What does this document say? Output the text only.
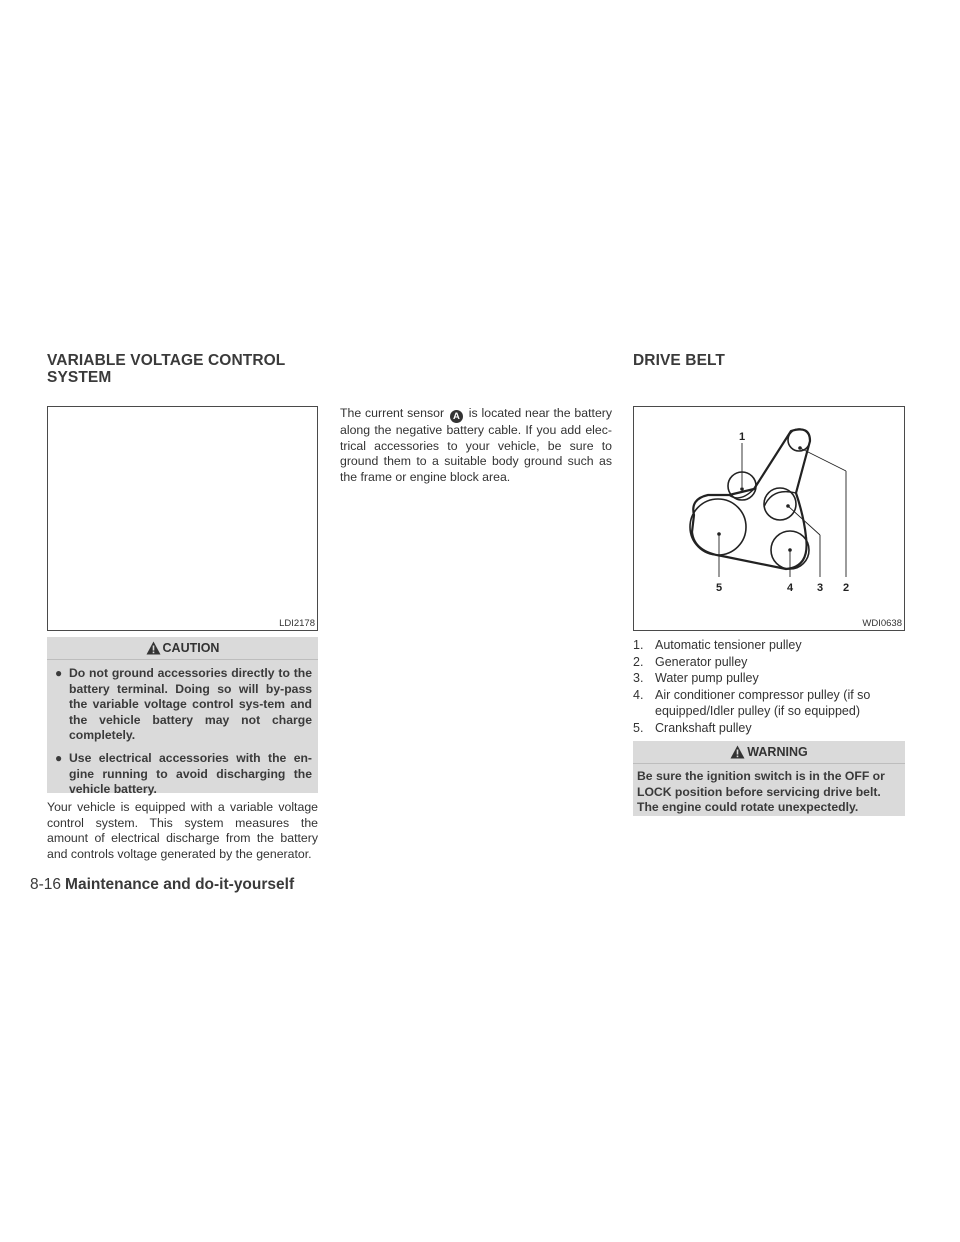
VARIABLE VOLTAGE CONTROL
SYSTEM
DRIVE BELT
LDI2178
CAUTION
● Do not ground accessories directly to the battery terminal. Doing so will by-pass the variable voltage control sys-tem and the vehicle battery may not charge completely.
● Use electrical accessories with the en-gine running to avoid discharging the vehicle battery.
Your vehicle is equipped with a variable voltage control system. This system measures the amount of electrical discharge from the battery and controls voltage generated by the generator.
The current sensor A is located near the battery along the negative battery cable. If you add elec-trical accessories to your vehicle, be sure to ground them to a suitable body ground such as the frame or engine block area.
1
2
3
4
5
WDI0638
1. Automatic tensioner pulley
2. Generator pulley
3. Water pump pulley
4. Air conditioner compressor pulley (if so equipped/Idler pulley (if so equipped)
5. Crankshaft pulley
WARNING
Be sure the ignition switch is in the OFF or LOCK position before servicing drive belt. The engine could rotate unexpectedly.
8-16 Maintenance and do-it-yourself
